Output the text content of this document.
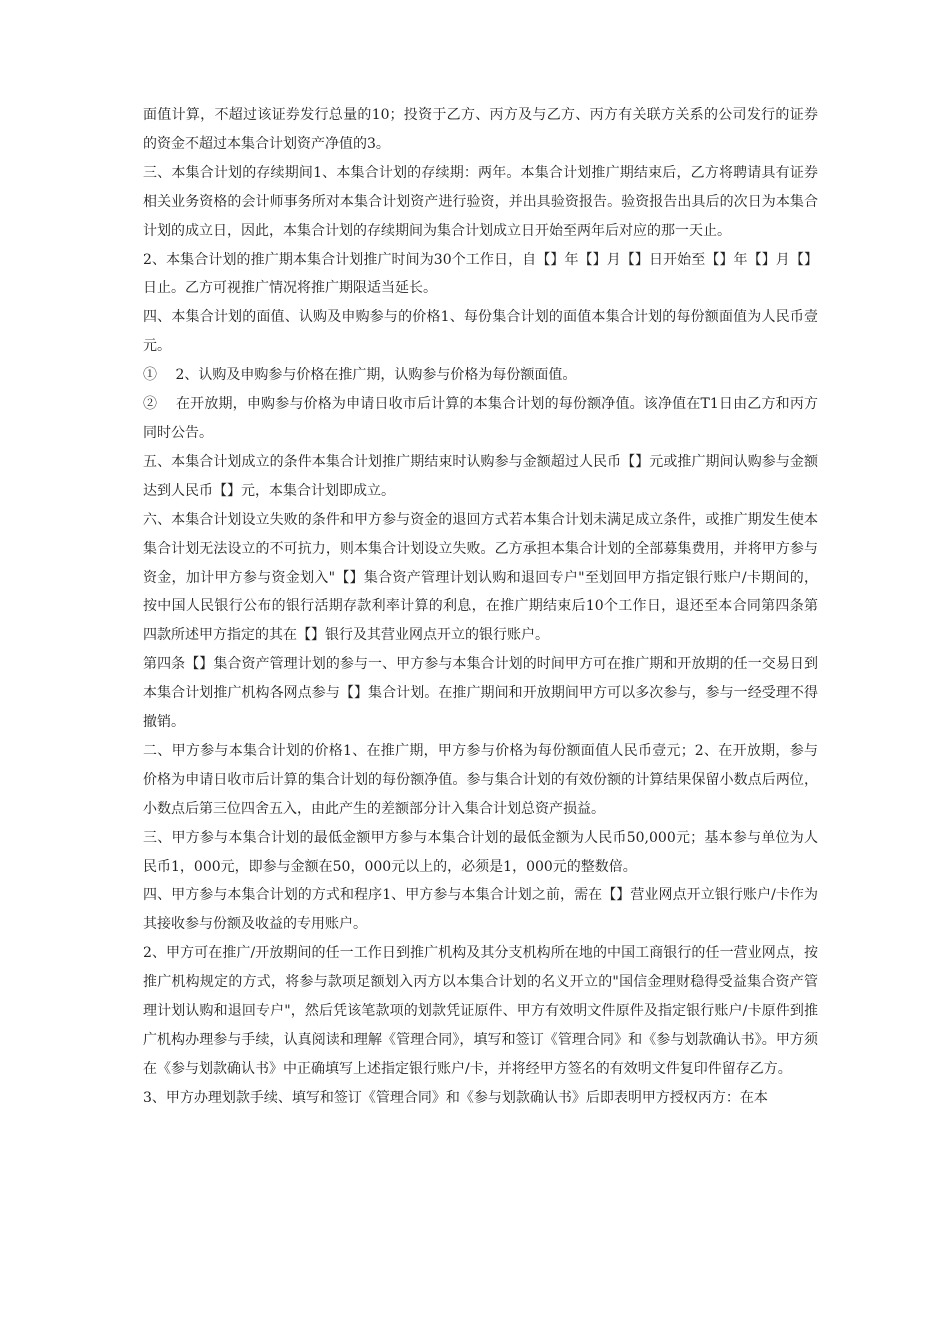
面值计算，不超过该证券发行总量的10；投资于乙方、丙方及与乙方、丙方有关联方关系的公司发行的证券的资金不超过本集合计划资产净值的3。

三、本集合计划的存续期间1、本集合计划的存续期：两年。本集合计划推广期结束后，乙方将聘请具有证券相关业务资格的会计师事务所对本集合计划资产进行验资，并出具验资报告。验资报告出具后的次日为本集合计划的成立日，因此，本集合计划的存续期间为集合计划成立日开始至两年后对应的那一天止。

2、本集合计划的推广期本集合计划推广时间为30个工作日，自【】年【】月【】日开始至【】年【】月【】日止。乙方可视推广情况将推广期限适当延长。

四、本集合计划的面值、认购及申购参与的价格1、每份集合计划的面值本集合计划的每份额面值为人民币壹元。

①　 2、认购及申购参与价格在推广期，认购参与价格为每份额面值。

②　 在开放期，申购参与价格为申请日收市后计算的本集合计划的每份额净值。该净值在T1日由乙方和丙方同时公告。

五、本集合计划成立的条件本集合计划推广期结束时认购参与金额超过人民币【】元或推广期间认购参与金额达到人民币【】元，本集合计划即成立。

六、本集合计划设立失败的条件和甲方参与资金的退回方式若本集合计划未满足成立条件，或推广期发生使本集合计划无法设立的不可抗力，则本集合计划设立失败。乙方承担本集合计划的全部募集费用，并将甲方参与资金，加计甲方参与资金划入"【】集合资产管理计划认购和退回专户"至划回甲方指定银行账户/卡期间的，按中国人民银行公布的银行活期存款利率计算的利息，在推广期结束后10个工作日，退还至本合同第四条第四款所述甲方指定的其在【】银行及其营业网点开立的银行账户。

第四条【】集合资产管理计划的参与一、甲方参与本集合计划的时间甲方可在推广期和开放期的任一交易日到本集合计划推广机构各网点参与【】集合计划。在推广期间和开放期间甲方可以多次参与，参与一经受理不得撤销。

二、甲方参与本集合计划的价格1、在推广期，甲方参与价格为每份额面值人民币壹元；2、在开放期，参与价格为申请日收市后计算的集合计划的每份额净值。参与集合计划的有效份额的计算结果保留小数点后两位，小数点后第三位四舍五入，由此产生的差额部分计入集合计划总资产损益。

三、甲方参与本集合计划的最低金额甲方参与本集合计划的最低金额为人民币50,000元；基本参与单位为人民币1，000元，即参与金额在50，000元以上的，必须是1，000元的整数倍。

四、甲方参与本集合计划的方式和程序1、甲方参与本集合计划之前，需在【】营业网点开立银行账户/卡作为其接收参与份额及收益的专用账户。

2、甲方可在推广/开放期间的任一工作日到推广机构及其分支机构所在地的中国工商银行的任一营业网点，按推广机构规定的方式，将参与款项足额划入丙方以本集合计划的名义开立的"国信金理财稳得受益集合资产管理计划认购和退回专户"，然后凭该笔款项的划款凭证原件、甲方有效明文件原件及指定银行账户/卡原件到推广机构办理参与手续，认真阅读和理解《管理合同》，填写和签订《管理合同》和《参与划款确认书》。甲方须在《参与划款确认书》中正确填写上述指定银行账户/卡，并将经甲方签名的有效明文件复印件留存乙方。

3、甲方办理划款手续、填写和签订《管理合同》和《参与划款确认书》后即表明甲方授权丙方：在本
